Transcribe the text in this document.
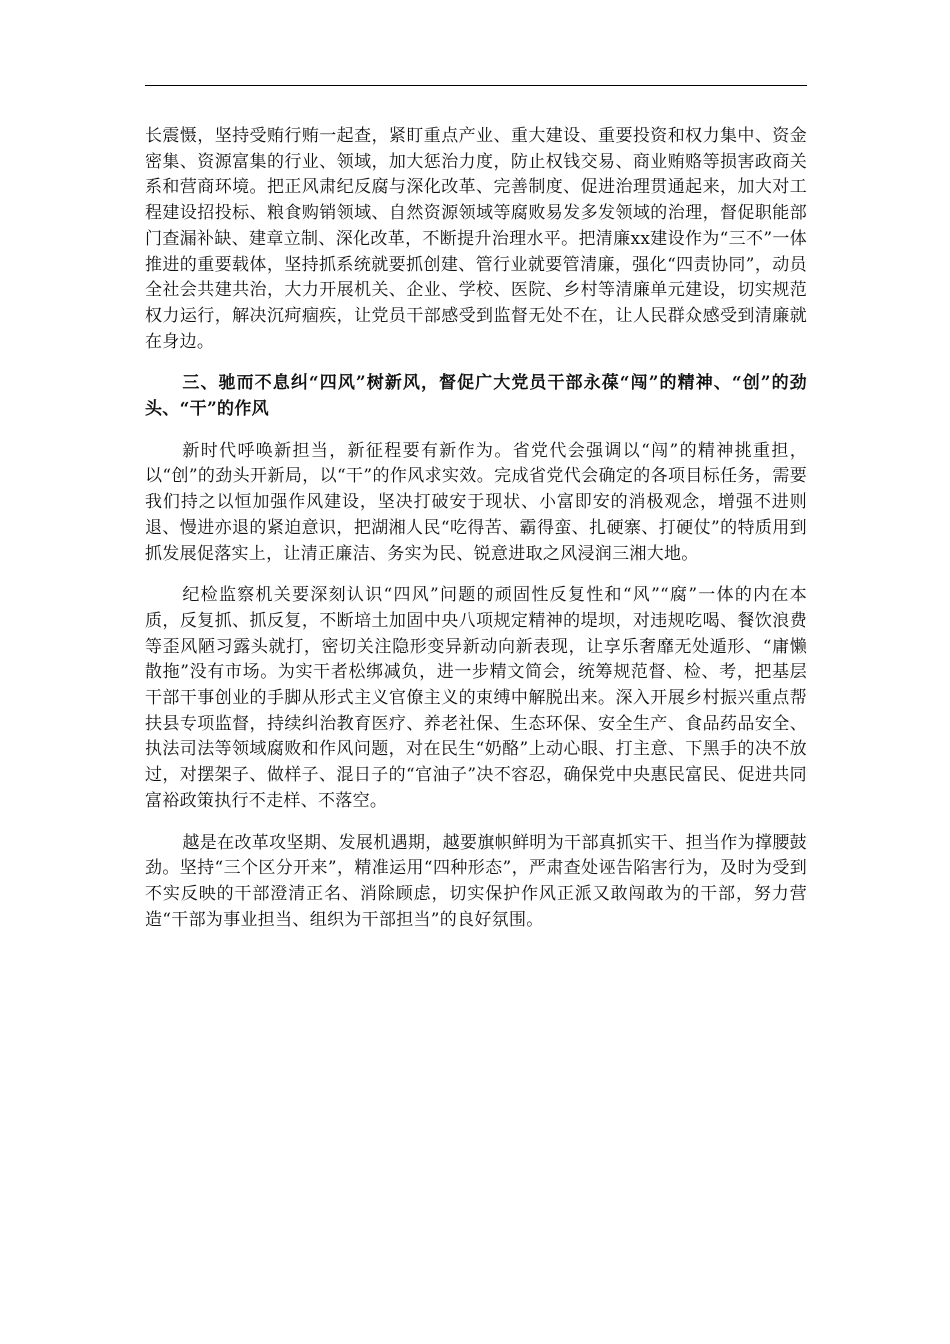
长震慑，坚持受贿行贿一起查，紧盯重点产业、重大建设、重要投资和权力集中、资金密集、资源富集的行业、领域，加大惩治力度，防止权钱交易、商业贿赂等损害政商关系和营商环境。把正风肃纪反腐与深化改革、完善制度、促进治理贯通起来，加大对工程建设招投标、粮食购销领域、自然资源领域等腐败易发多发领域的治理，督促职能部门查漏补缺、建章立制、深化改革，不断提升治理水平。把清廉xx建设作为“三不”一体推进的重要载体，坚持抓系统就要抓创建、管行业就要管清廉，强化“四责协同”，动员全社会共建共治，大力开展机关、企业、学校、医院、乡村等清廉单元建设，切实规范权力运行，解决沉疴痼疾，让党员干部感受到监督无处不在，让人民群众感受到清廉就在身边。

三、驰而不息纠“四风”树新风，督促广大党员干部永葆“闯”的精神、“创”的劲头、“干”的作风

新时代呼唤新担当，新征程要有新作为。省党代会强调以“闯”的精神挑重担，以“创”的劲头开新局，以“干”的作风求实效。完成省党代会确定的各项目标任务，需要我们持之以恒加强作风建设，坚决打破安于现状、小富即安的消极观念，增强不进则退、慢进亦退的紧迫意识，把湖湘人民“吃得苦、霸得蛮、扎硬寨、打硬仗”的特质用到抓发展促落实上，让清正廉洁、务实为民、锐意进取之风浸润三湘大地。

纪检监察机关要深刻认识“四风”问题的顽固性反复性和“风”“腐”一体的内在本质，反复抓、抓反复，不断培土加固中央八项规定精神的堤坝，对违规吃喝、餐饮浪费等歪风陋习露头就打，密切关注隐形变异新动向新表现，让享乐奢靡无处遁形、“庸懒散拖”没有市场。为实干者松绑减负，进一步精文简会，统筹规范督、检、考，把基层干部干事创业的手脚从形式主义官僚主义的束缚中解脱出来。深入开展乡村振兴重点帮扶县专项监督，持续纠治教育医疗、养老社保、生态环保、安全生产、食品药品安全、执法司法等领域腐败和作风问题，对在民生“奶酪”上动心眼、打主意、下黑手的决不放过，对摆架子、做样子、混日子的“官油子”决不容忍，确保党中央惠民富民、促进共同富裕政策执行不走样、不落空。

越是在改革攻坚期、发展机遇期，越要旗帜鲜明为干部真抓实干、担当作为撑腰鼓劲。坚持“三个区分开来”，精准运用“四种形态”，严肃查处诬告陷害行为，及时为受到不实反映的干部澄清正名、消除顾虑，切实保护作风正派又敢闯敢为的干部，努力营造“干部为事业担当、组织为干部担当”的良好氛围。
